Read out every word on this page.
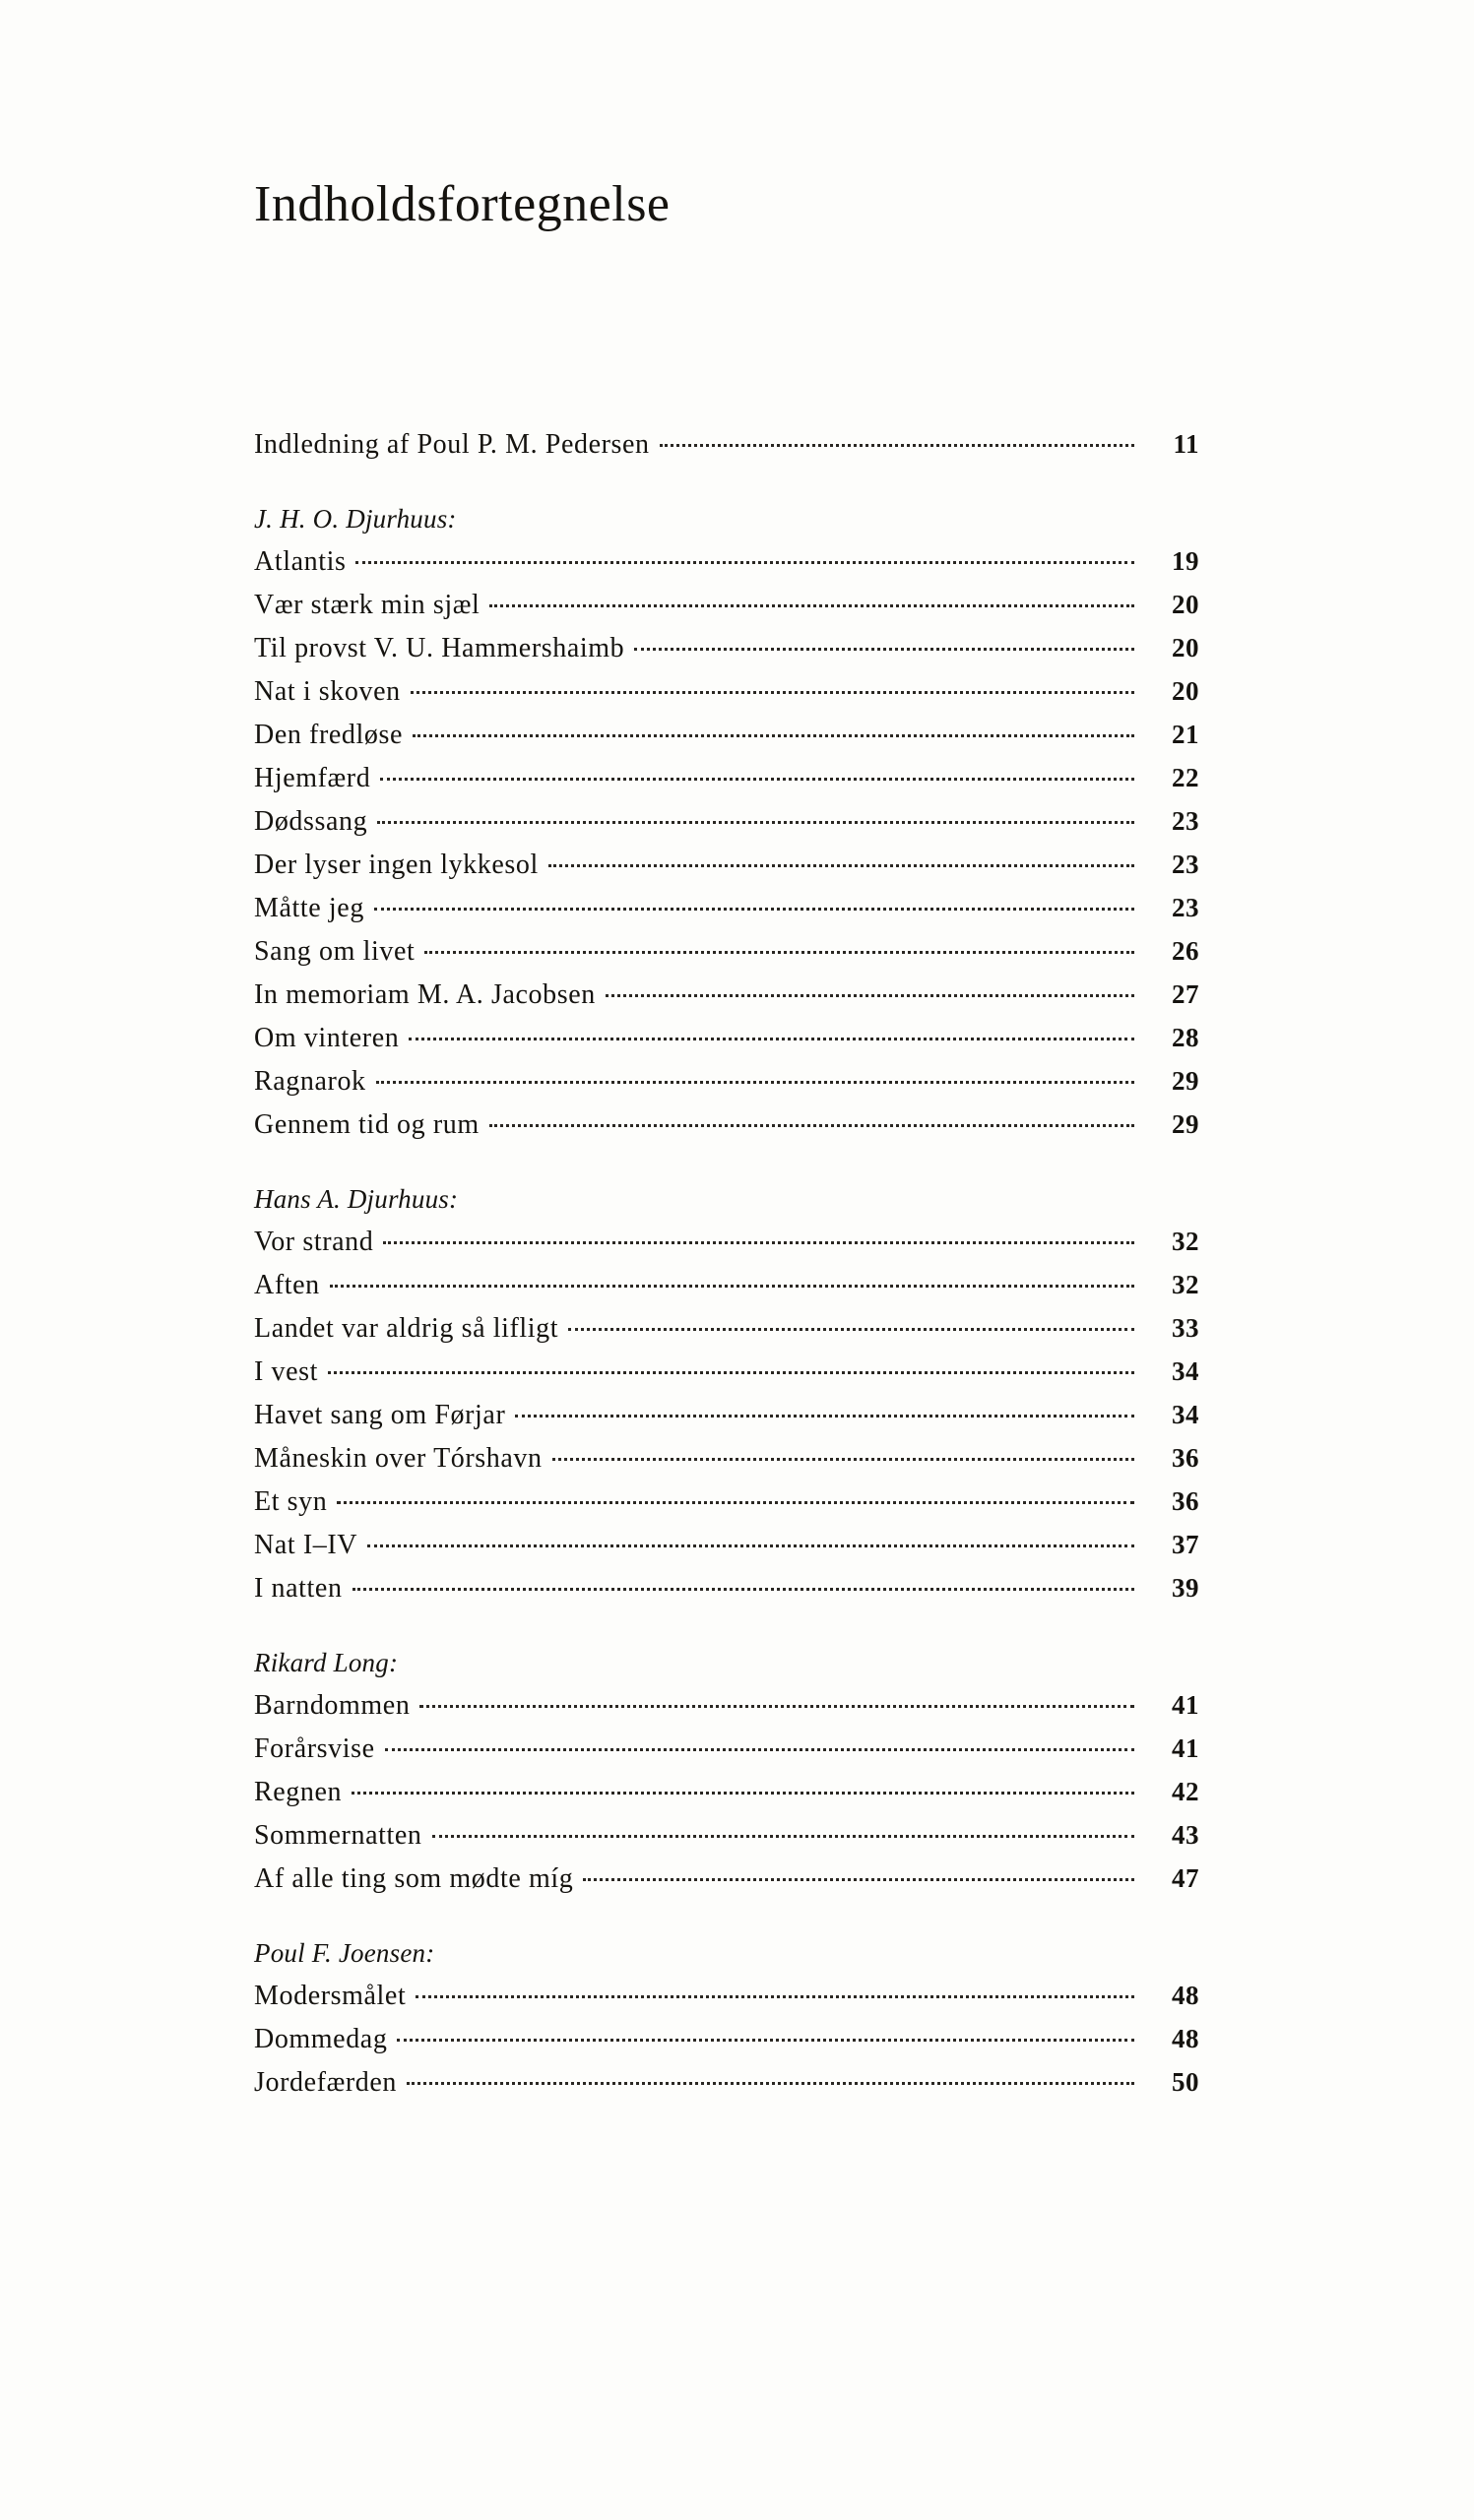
Indholdsfortegnelse
Indledning af Poul P. M. Pedersen	11
J. H. O. Djurhuus:
Atlantis	19
Vær stærk min sjæl	20
Til provst V. U. Hammershaimb	20
Nat i skoven	20
Den fredløse	21
Hjemfærd	22
Dødssang	23
Der lyser ingen lykkesol	23
Måtte jeg	23
Sang om livet	26
In memoriam M. A. Jacobsen	27
Om vinteren	28
Ragnarok	29
Gennem tid og rum	29
Hans A. Djurhuus:
Vor strand	32
Aften	32
Landet var aldrig så lifligt	33
I vest	34
Havet sang om Førjar	34
Måneskin over Tórshavn	36
Et syn	36
Nat I–IV	37
I natten	39
Rikard Long:
Barndommen	41
Forårsvise	41
Regnen	42
Sommernatten	43
Af alle ting som mødte míg	47
Poul F. Joensen:
Modersmålet	48
Dommedag	48
Jordefærden	50
